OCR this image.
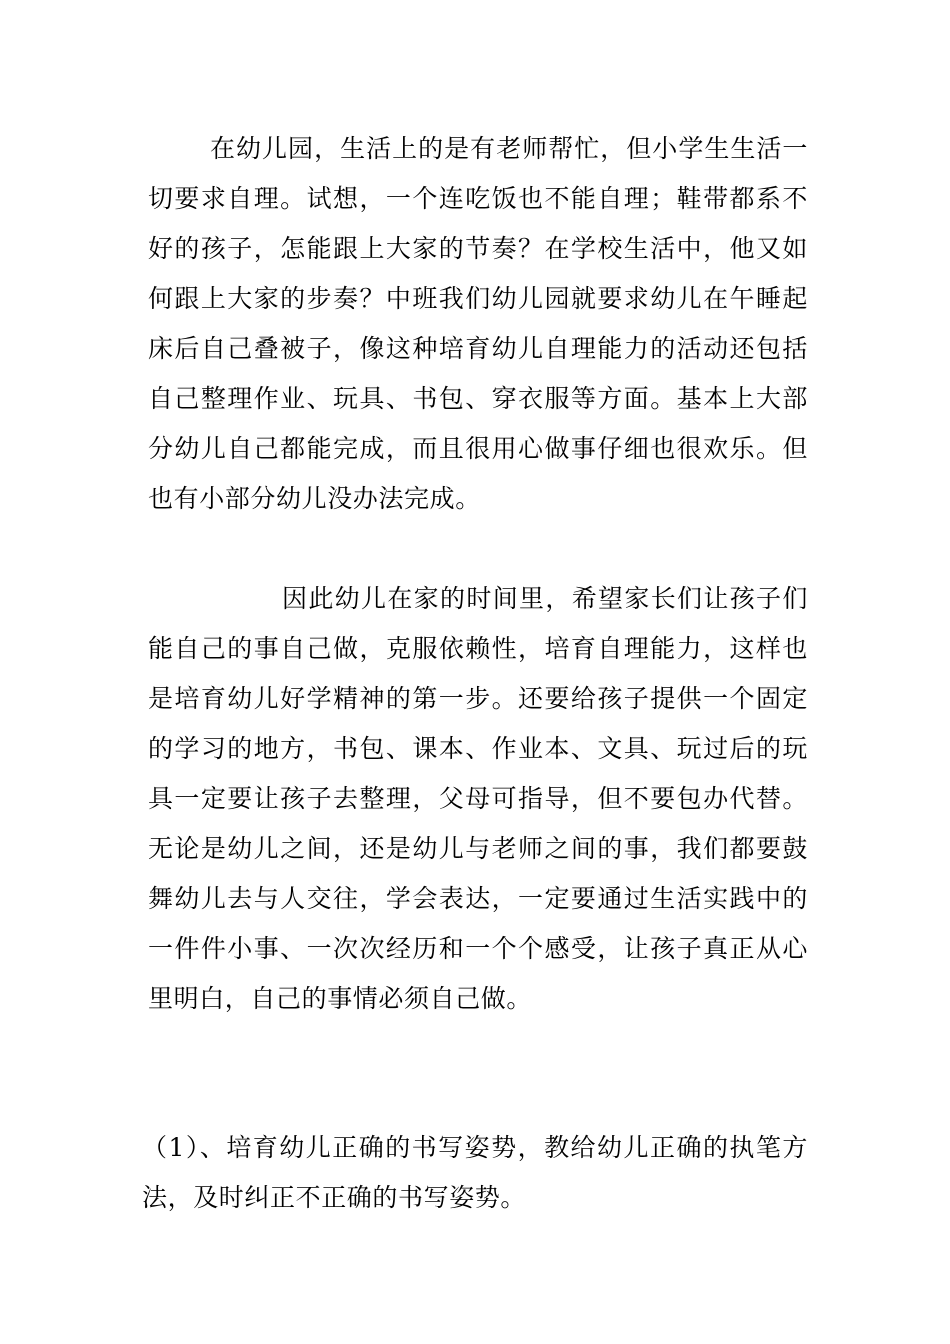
在幼儿园，生活上的是有老师帮忙，但小学生生活一切要求自理。试想，一个连吃饭也不能自理；鞋带都系不好的孩子，怎能跟上大家的节奏？在学校生活中，他又如何跟上大家的步奏？中班我们幼儿园就要求幼儿在午睡起床后自己叠被子，像这种培育幼儿自理能力的活动还包括自己整理作业、玩具、书包、穿衣服等方面。基本上大部分幼儿自己都能完成，而且很用心做事仔细也很欢乐。但也有小部分幼儿没办法完成。

因此幼儿在家的时间里，希望家长们让孩子们能自己的事自己做，克服依赖性，培育自理能力，这样也是培育幼儿好学精神的第一步。还要给孩子提供一个固定的学习的地方，书包、课本、作业本、文具、玩过后的玩具一定要让孩子去整理，父母可指导，但不要包办代替。无论是幼儿之间，还是幼儿与老师之间的事，我们都要鼓舞幼儿去与人交往，学会表达，一定要通过生活实践中的一件件小事、一次次经历和一个个感受，让孩子真正从心里明白，自己的事情必须自己做。

（1）、培育幼儿正确的书写姿势，教给幼儿正确的执笔方法，及时纠正不正确的书写姿势。
